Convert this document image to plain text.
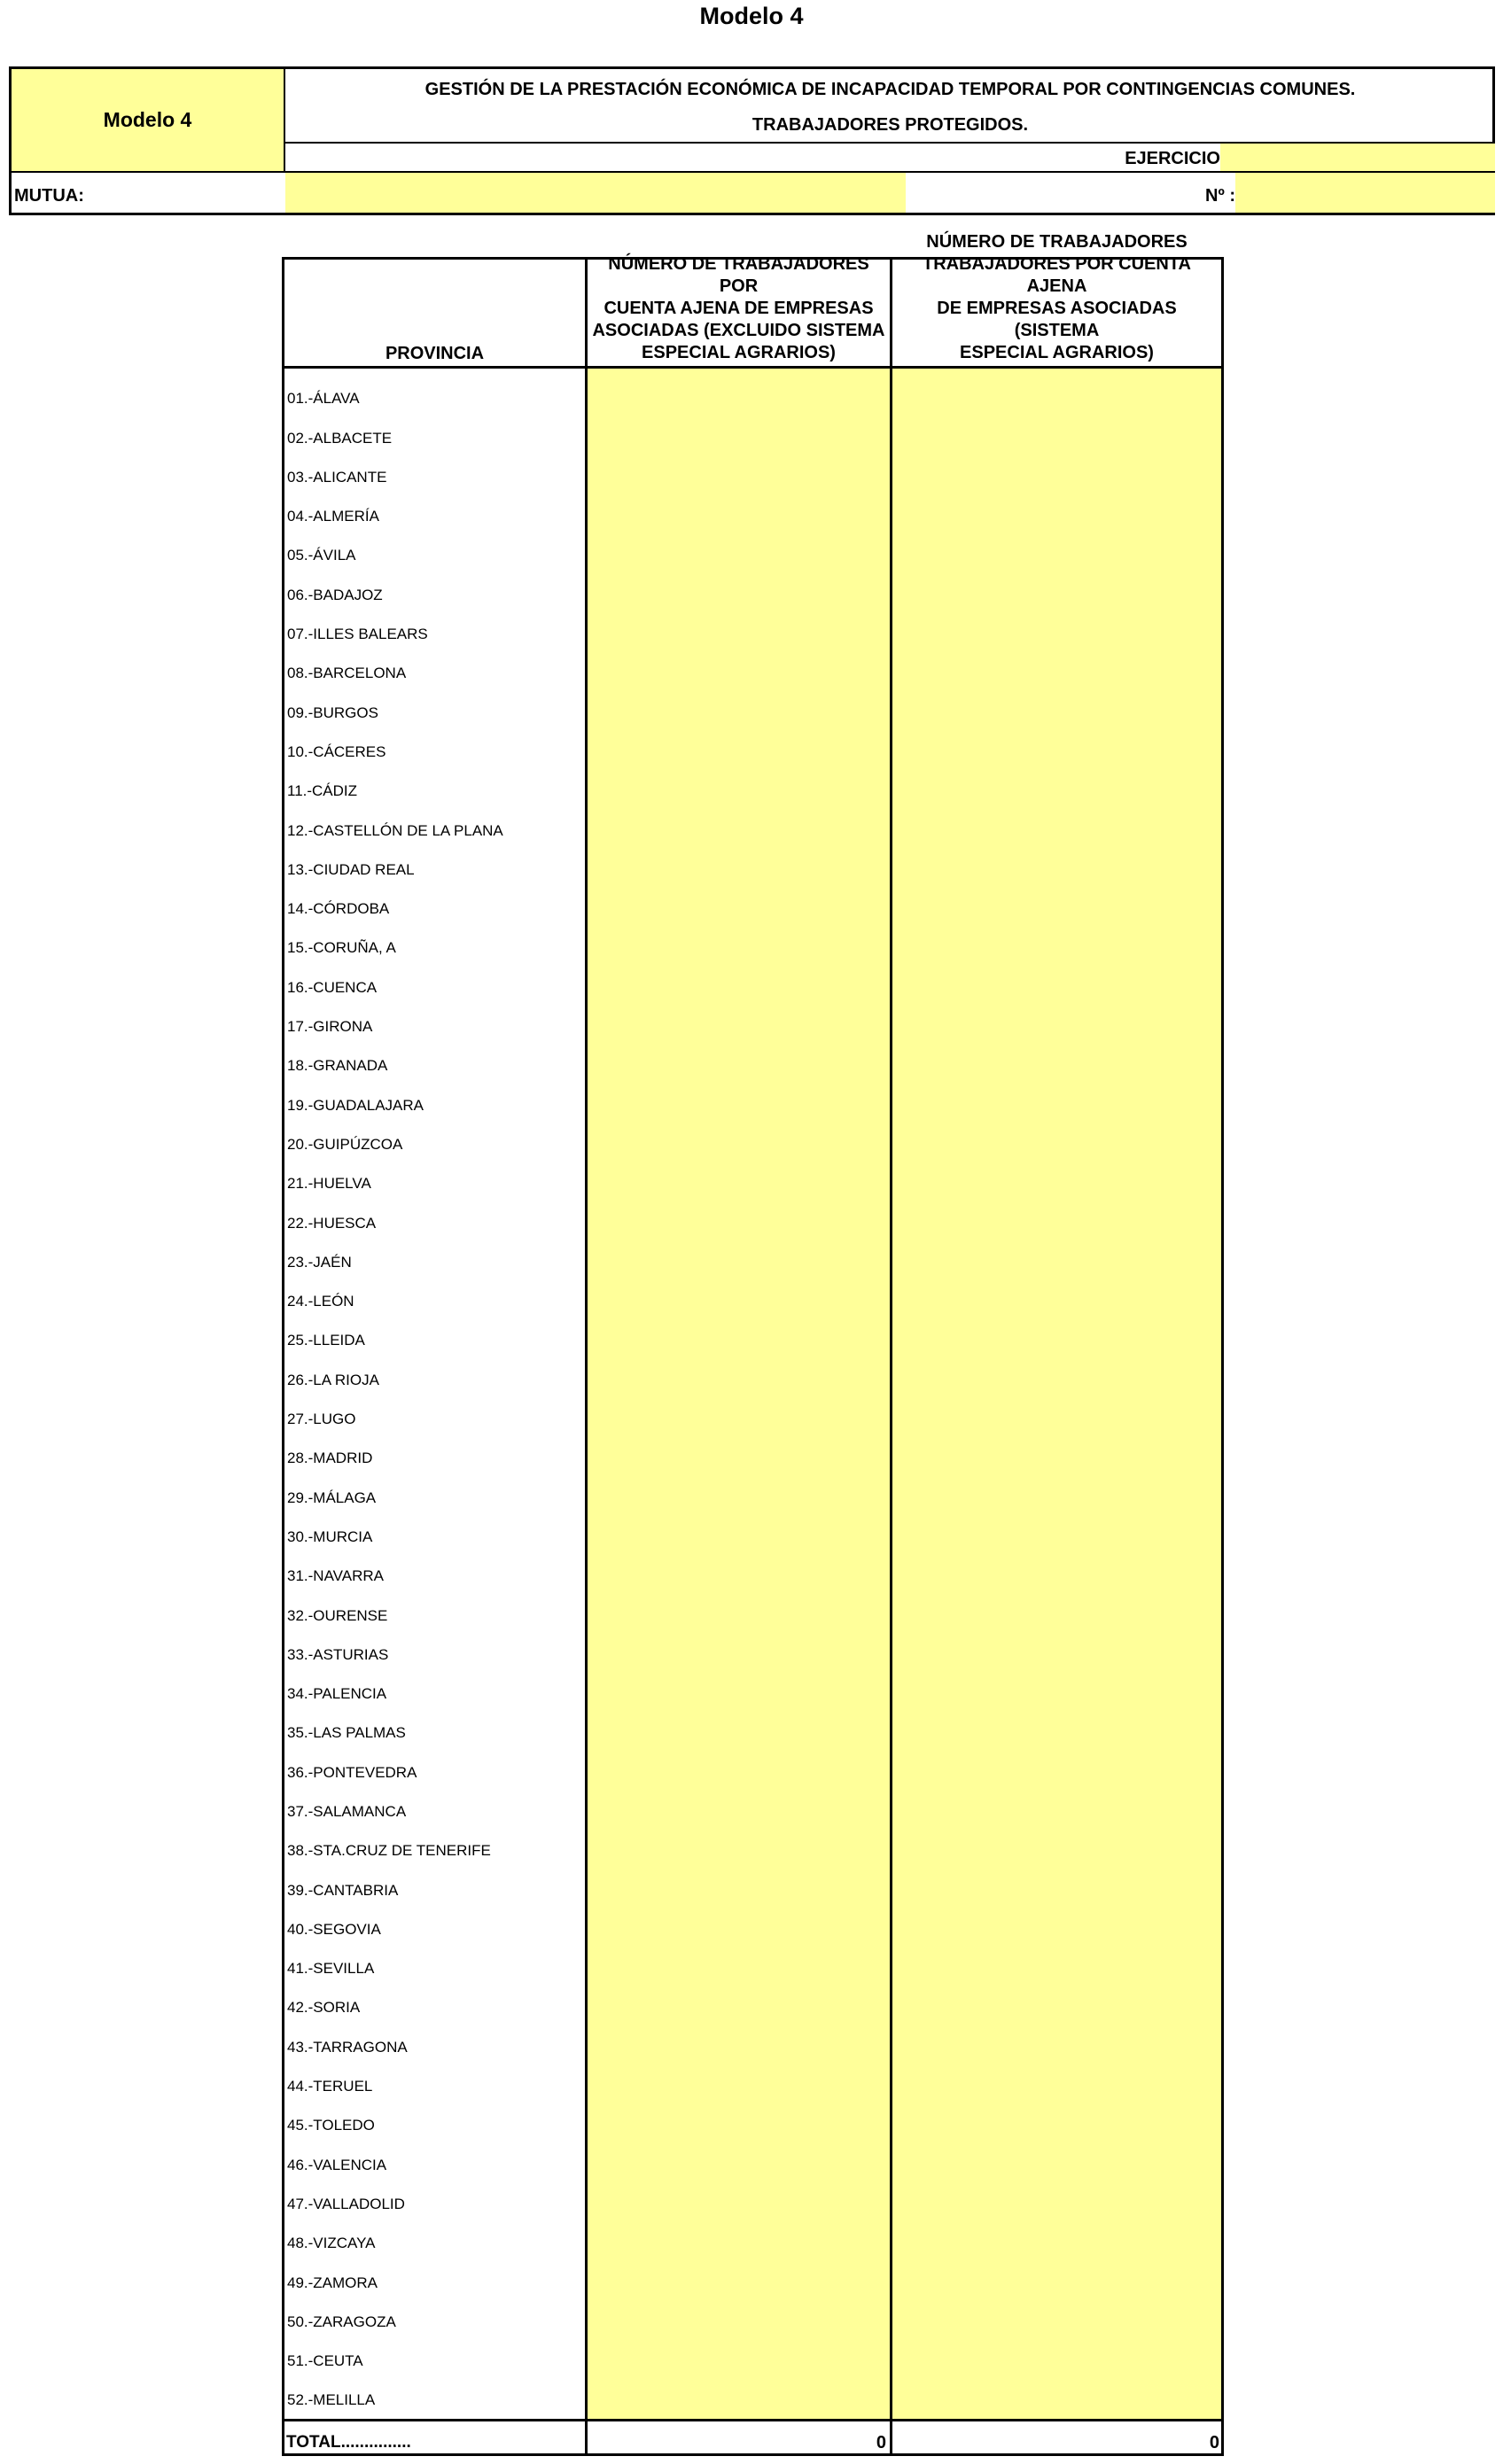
Modelo 4
Modelo 4
GESTIÓN DE LA PRESTACIÓN ECONÓMICA DE INCAPACIDAD TEMPORAL POR CONTINGENCIAS COMUNES.
TRABAJADORES PROTEGIDOS.
EJERCICIO
MUTUA:	Nº :
PROVINCIA
NÚMERO DE TRABAJADORES POR
CUENTA AJENA DE EMPRESAS
ASOCIADAS (EXCLUIDO SISTEMA
ESPECIAL AGRARIOS)
NÚMERO DE TRABAJADORES
TRABAJADORES POR CUENTA AJENA
DE EMPRESAS ASOCIADAS (SISTEMA
ESPECIAL AGRARIOS)
01.-ÁLAVA
02.-ALBACETE
03.-ALICANTE
04.-ALMERÍA
05.-ÁVILA
06.-BADAJOZ
07.-ILLES BALEARS
08.-BARCELONA
09.-BURGOS
10.-CÁCERES
11.-CÁDIZ
12.-CASTELLÓN DE LA PLANA
13.-CIUDAD REAL
14.-CÓRDOBA
15.-CORUÑA, A
16.-CUENCA
17.-GIRONA
18.-GRANADA
19.-GUADALAJARA
20.-GUIPÚZCOA
21.-HUELVA
22.-HUESCA
23.-JAÉN
24.-LEÓN
25.-LLEIDA
26.-LA RIOJA
27.-LUGO
28.-MADRID
29.-MÁLAGA
30.-MURCIA
31.-NAVARRA
32.-OURENSE
33.-ASTURIAS
34.-PALENCIA
35.-LAS PALMAS
36.-PONTEVEDRA
37.-SALAMANCA
38.-STA.CRUZ DE TENERIFE
39.-CANTABRIA
40.-SEGOVIA
41.-SEVILLA
42.-SORIA
43.-TARRAGONA
44.-TERUEL
45.-TOLEDO
46.-VALENCIA
47.-VALLADOLID
48.-VIZCAYA
49.-ZAMORA
50.-ZARAGOZA
51.-CEUTA
52.-MELILLA
TOTAL...............	0	0
